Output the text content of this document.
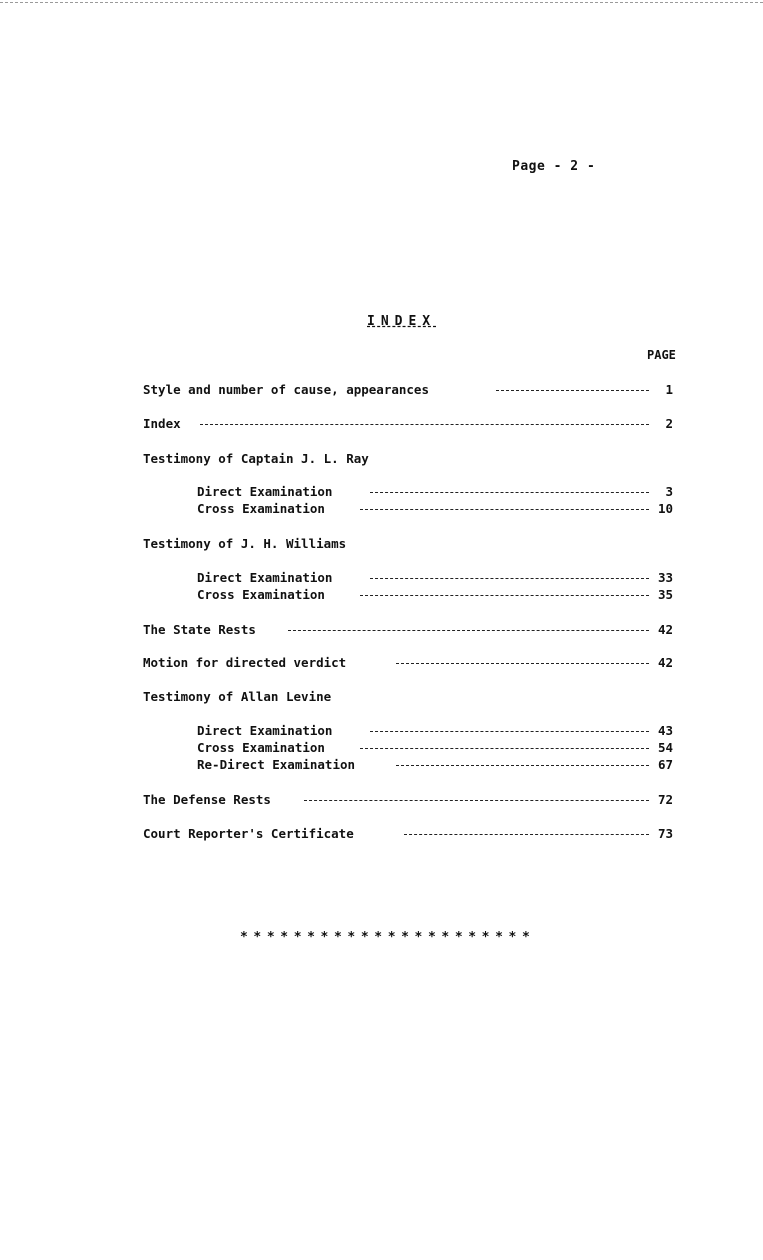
Page - 2 -
INDEX
PAGE
Style and number of cause, appearances	1
Index	2
Testimony of Captain J. L. Ray
Direct Examination	3
Cross Examination	10
Testimony of J. H. Williams
Direct Examination	33
Cross Examination	35
The State Rests	42
Motion for directed verdict	42
Testimony of Allan Levine
Direct Examination	43
Cross Examination	54
Re-Direct Examination	67
The Defense Rests	72
Court Reporter's Certificate	73
**********************
